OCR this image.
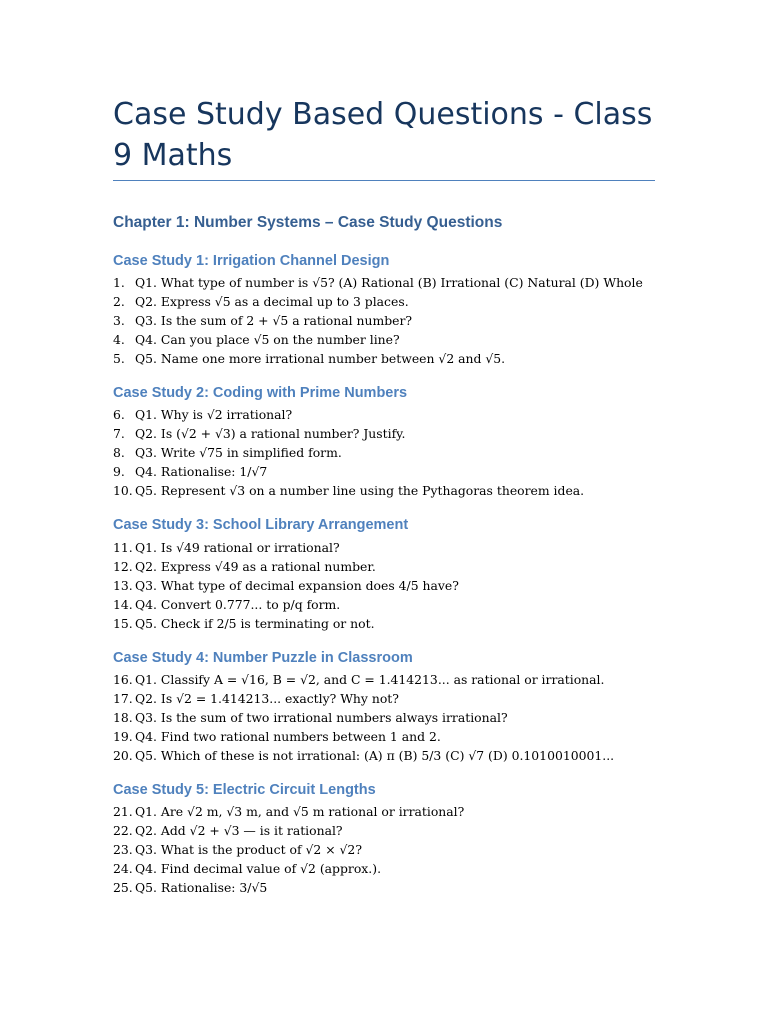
Case Study Based Questions - Class 9 Maths
Chapter 1: Number Systems – Case Study Questions
Case Study 1: Irrigation Channel Design
1. Q1. What type of number is √5? (A) Rational (B) Irrational (C) Natural (D) Whole
2. Q2. Express √5 as a decimal up to 3 places.
3. Q3. Is the sum of 2 + √5 a rational number?
4. Q4. Can you place √5 on the number line?
5. Q5. Name one more irrational number between √2 and √5.
Case Study 2: Coding with Prime Numbers
6. Q1. Why is √2 irrational?
7. Q2. Is (√2 + √3) a rational number? Justify.
8. Q3. Write √75 in simplified form.
9. Q4. Rationalise: 1/√7
10. Q5. Represent √3 on a number line using the Pythagoras theorem idea.
Case Study 3: School Library Arrangement
11. Q1. Is √49 rational or irrational?
12. Q2. Express √49 as a rational number.
13. Q3. What type of decimal expansion does 4/5 have?
14. Q4. Convert 0.777... to p/q form.
15. Q5. Check if 2/5 is terminating or not.
Case Study 4: Number Puzzle in Classroom
16. Q1. Classify A = √16, B = √2, and C = 1.414213... as rational or irrational.
17. Q2. Is √2 = 1.414213... exactly? Why not?
18. Q3. Is the sum of two irrational numbers always irrational?
19. Q4. Find two rational numbers between 1 and 2.
20. Q5. Which of these is not irrational: (A) π (B) 5/3 (C) √7 (D) 0.1010010001...
Case Study 5: Electric Circuit Lengths
21. Q1. Are √2 m, √3 m, and √5 m rational or irrational?
22. Q2. Add √2 + √3 — is it rational?
23. Q3. What is the product of √2 × √2?
24. Q4. Find decimal value of √2 (approx.).
25. Q5. Rationalise: 3/√5
